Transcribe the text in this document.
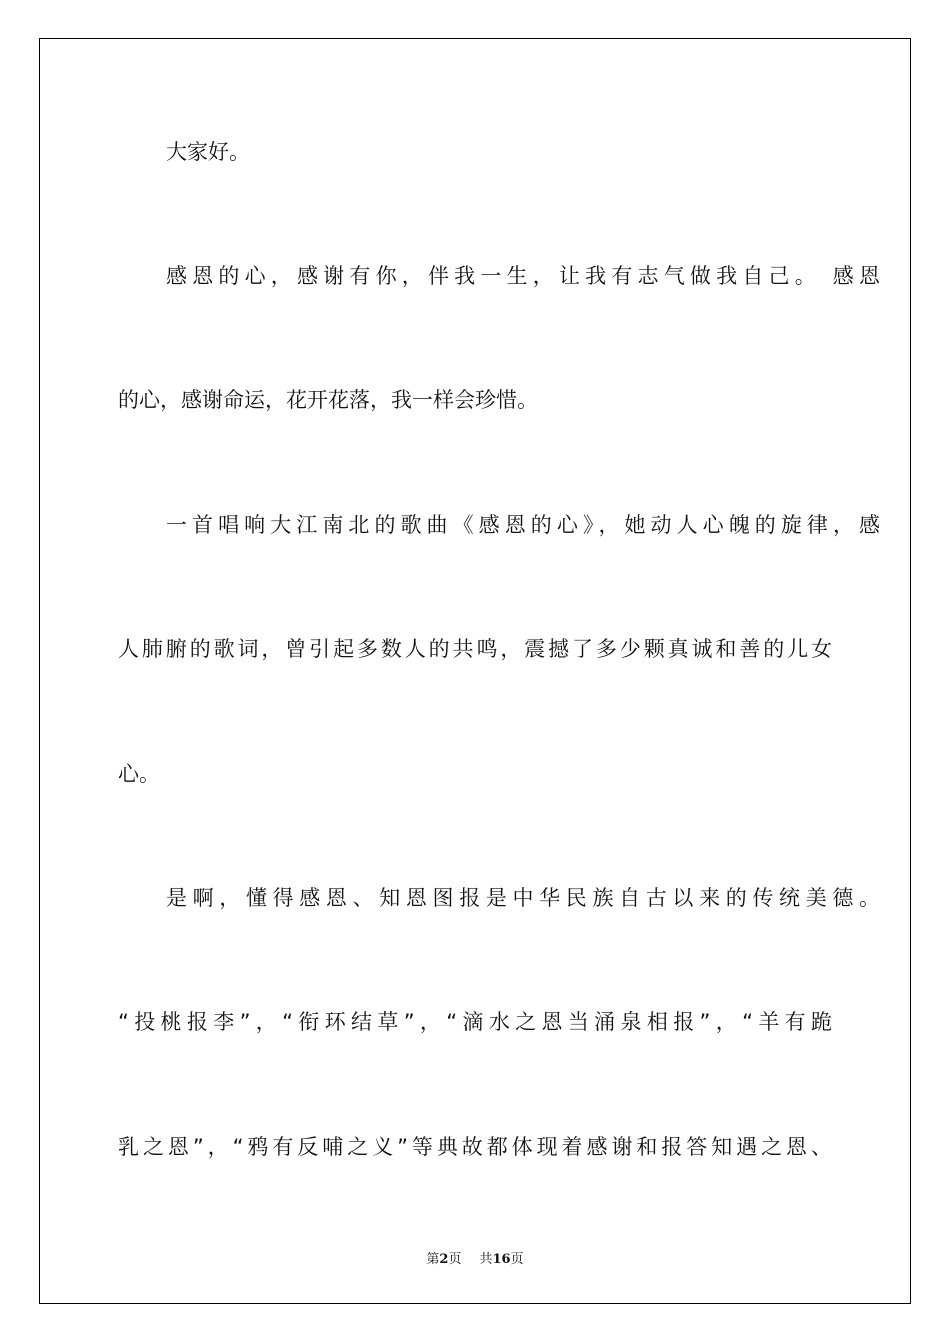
大家好。

感恩的心，感谢有你，伴我一生，让我有志气做我自己。 感恩

的心，感谢命运，花开花落，我一样会珍惜。

一首唱响大江南北的歌曲《感恩的心》，她动人心魄的旋律，感

人肺腑的歌词，曾引起多数人的共鸣，震撼了多少颗真诚和善的儿女

心。

是啊，懂得感恩、知恩图报是中华民族自古以来的传统美德。

“投桃报李”，“衔环结草”，“滴水之恩当涌泉相报”，“羊有跪

乳之恩”，“鸦有反哺之义”等典故都体现着感谢和报答知遇之恩、

第2页 共16页
